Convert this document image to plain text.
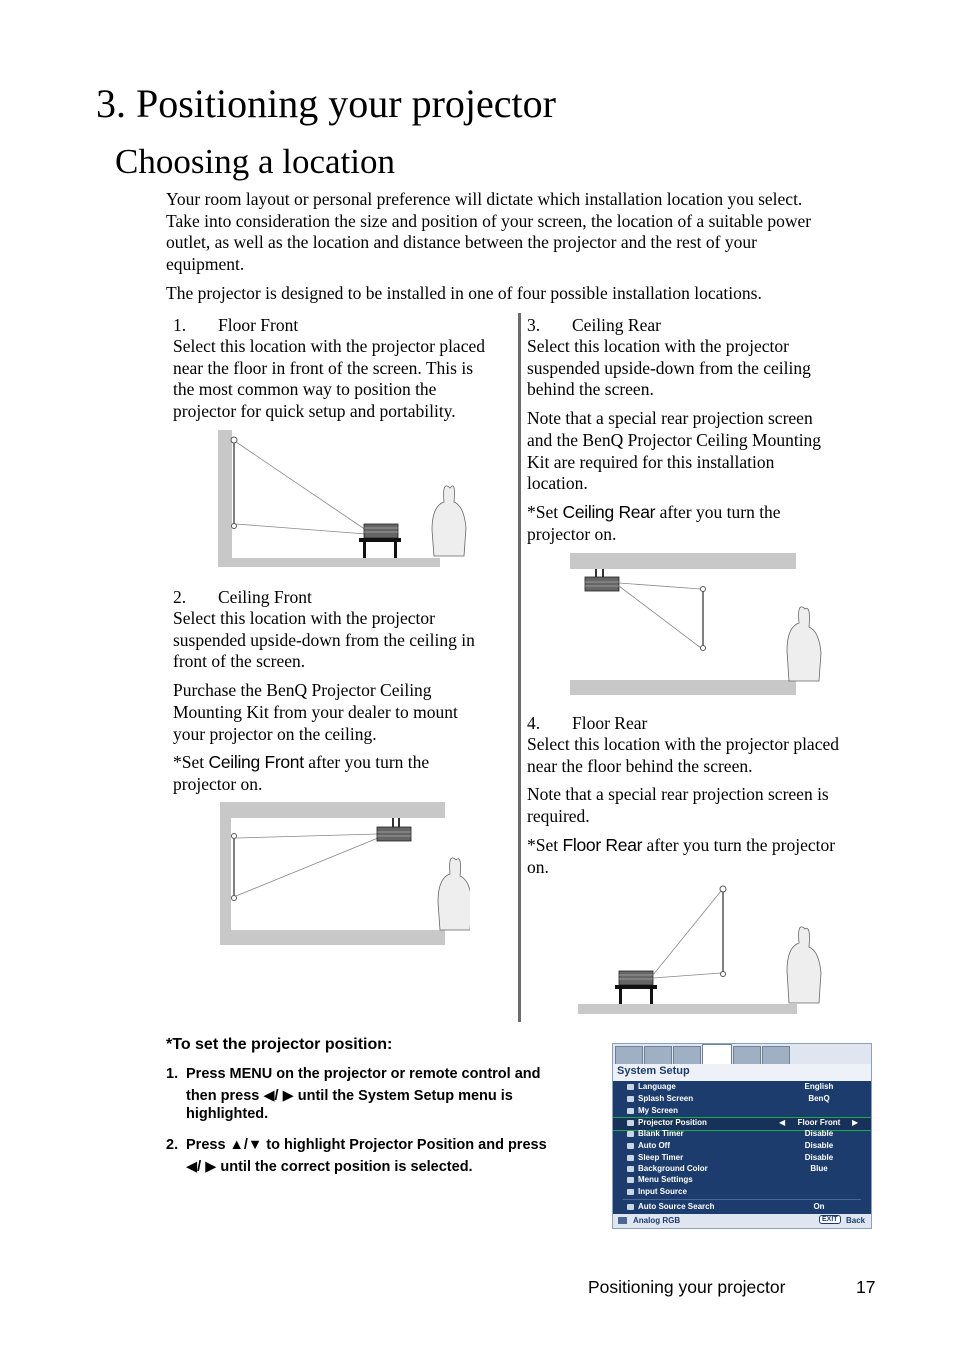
3. Positioning your projector
Choosing a location
Your room layout or personal preference will dictate which installation location you select.
Take into consideration the size and position of your screen, the location of a suitable power
outlet, as well as the location and distance between the projector and the rest of your
equipment.
The projector is designed to be installed in one of four possible installation locations.
1. Floor Front

Select this location with the projector placed
near the floor in front of the screen. This is
the most common way to position the
projector for quick setup and portability.

2. Ceiling Front

Select this location with the projector
suspended upside-down from the ceiling in
front of the screen.

Purchase the BenQ Projector Ceiling
Mounting Kit from your dealer to mount
your projector on the ceiling.

*Set Ceiling Front after you turn the
projector on.

3. Ceiling Rear

Select this location with the projector
suspended upside-down from the ceiling
behind the screen.

Note that a special rear projection screen
and the BenQ Projector Ceiling Mounting
Kit are required for this installation
location.

*Set Ceiling Rear after you turn the
projector on.

4. Floor Rear

Select this location with the projector placed
near the floor behind the screen.

Note that a special rear projection screen is
required.

*Set Floor Rear after you turn the projector
on.

*To set the projector position:
1. Press MENU on the projector or remote control and
then press ◀/ ▶ until the System Setup menu is
highlighted.
2. Press ▲/▼ to highlight Projector Position and press
◀/ ▶ until the correct position is selected.
System Setup
Language	English
Splash Screen	BenQ
My Screen
Projector Position	◀	Floor Front	▶
Blank Timer	Disable
Auto Off	Disable
Sleep Timer	Disable
Background Color	Blue
Menu Settings
Input Source
Auto Source Search	On
Analog RGB	EXIT	Back
Positioning your projector	17
